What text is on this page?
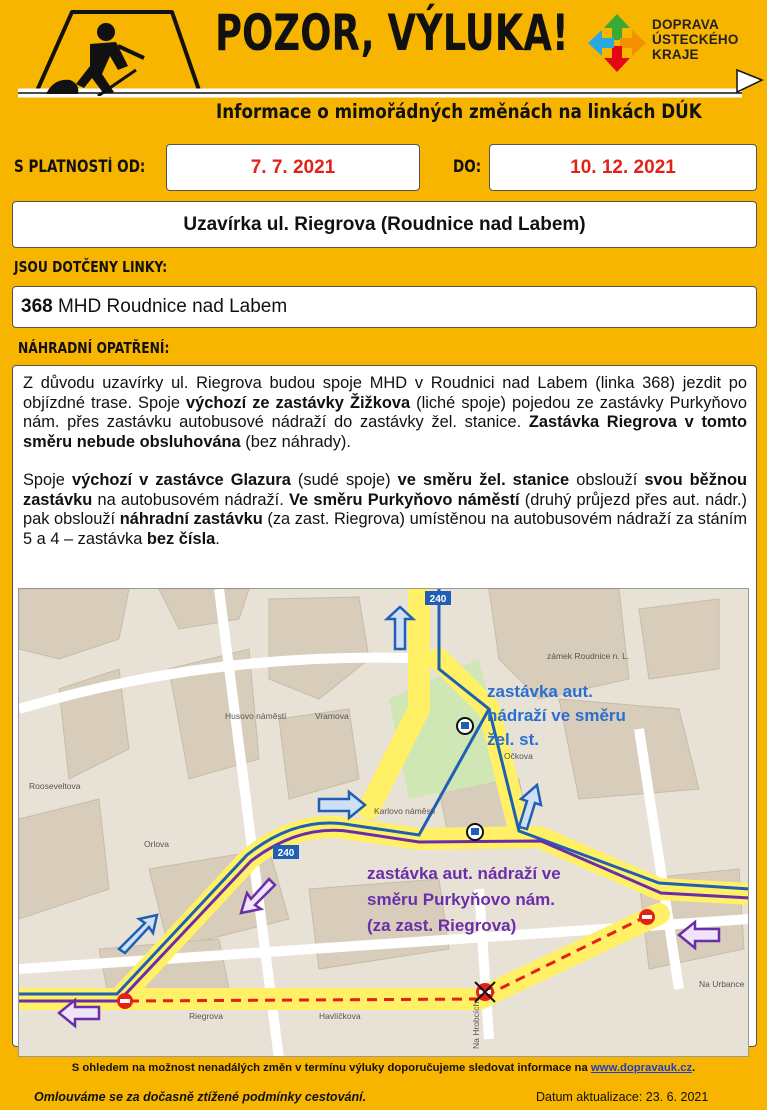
POZOR, VÝLUKA!	DOPRAVA
ÚSTECKÉHO
KRAJE
Informace o mimořádných změnách na linkách DÚK
S PLATNOSTÍ OD:	7. 7. 2021	DO:	10. 12. 2021
Uzavírka ul. Riegrova (Roudnice nad Labem)
JSOU DOTČENY LINKY:
368 MHD Roudnice nad Labem
NÁHRADNÍ OPATŘENÍ:

Z důvodu uzavírky ul. Riegrova budou spoje MHD v Roudnici nad Labem (linka 368) jezdit po objízdné trase. Spoje výchozí ze zastávky Žižkova (liché spoje) pojedou ze zastávky Purkyňovo nám. přes zastávku autobusové nádraží do zastávky žel. stanice. Zastávka Riegrova v tomto směru nebude obsluhována (bez náhrady).

Spoje výchozí v zastávce Glazura (sudé spoje) ve směru žel. stanice obslouží svou běžnou zastávku na autobusovém nádraží. Ve směru Purkyňovo náměstí (druhý průjezd přes aut. nádr.) pak obslouží náhradní zastávku (za zast. Riegrova) umístěnou na autobusovém nádraží za stáním 5 a 4 – zastávka bez čísla.

240
240
Riegrova
Očkova
Na Urbance
Rooseveltova
Havlíčkova
Husovo náměstí
Karlovo náměstí
zámek Roudnice n. L.
Orlova
Na Hrobcích
Vramova
zastávka aut.
nádraží ve směru
žel. st.
zastávka aut. nádraží ve
směru Purkyňovo nám.
(za zast. Riegrova)
S ohledem na možnost nenadálých změn v termínu výluky doporučujeme sledovat informace na www.dopravauk.cz.
Omlouváme se za dočasně ztížené podmínky cestování.	Datum aktualizace: 23. 6. 2021
